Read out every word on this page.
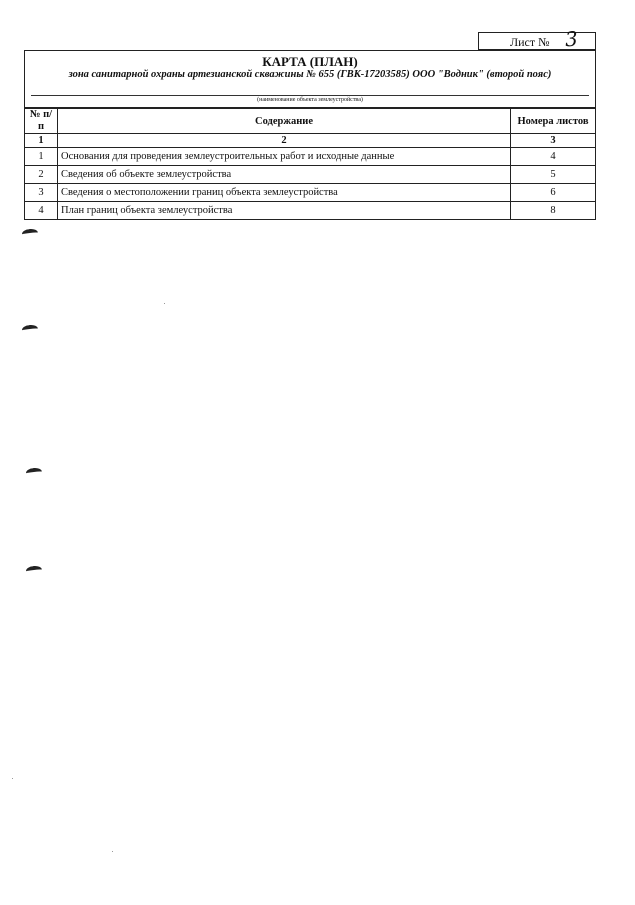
Лист № 3
КАРТА (ПЛАН)
зона санитарной охраны артезианской скважины № 655 (ГВК-17203585) ООО "Водник" (второй пояс)
(наименование объекта землеустройства)
№ п/п	Содержание	Номера листов
1	2	3
1	Основания для проведения землеустроительных работ и исходные данные	4
2	Сведения об объекте землеустройства	5
3	Сведения о местоположении границ объекта землеустройства	6
4	План границ объекта землеустройства	8
